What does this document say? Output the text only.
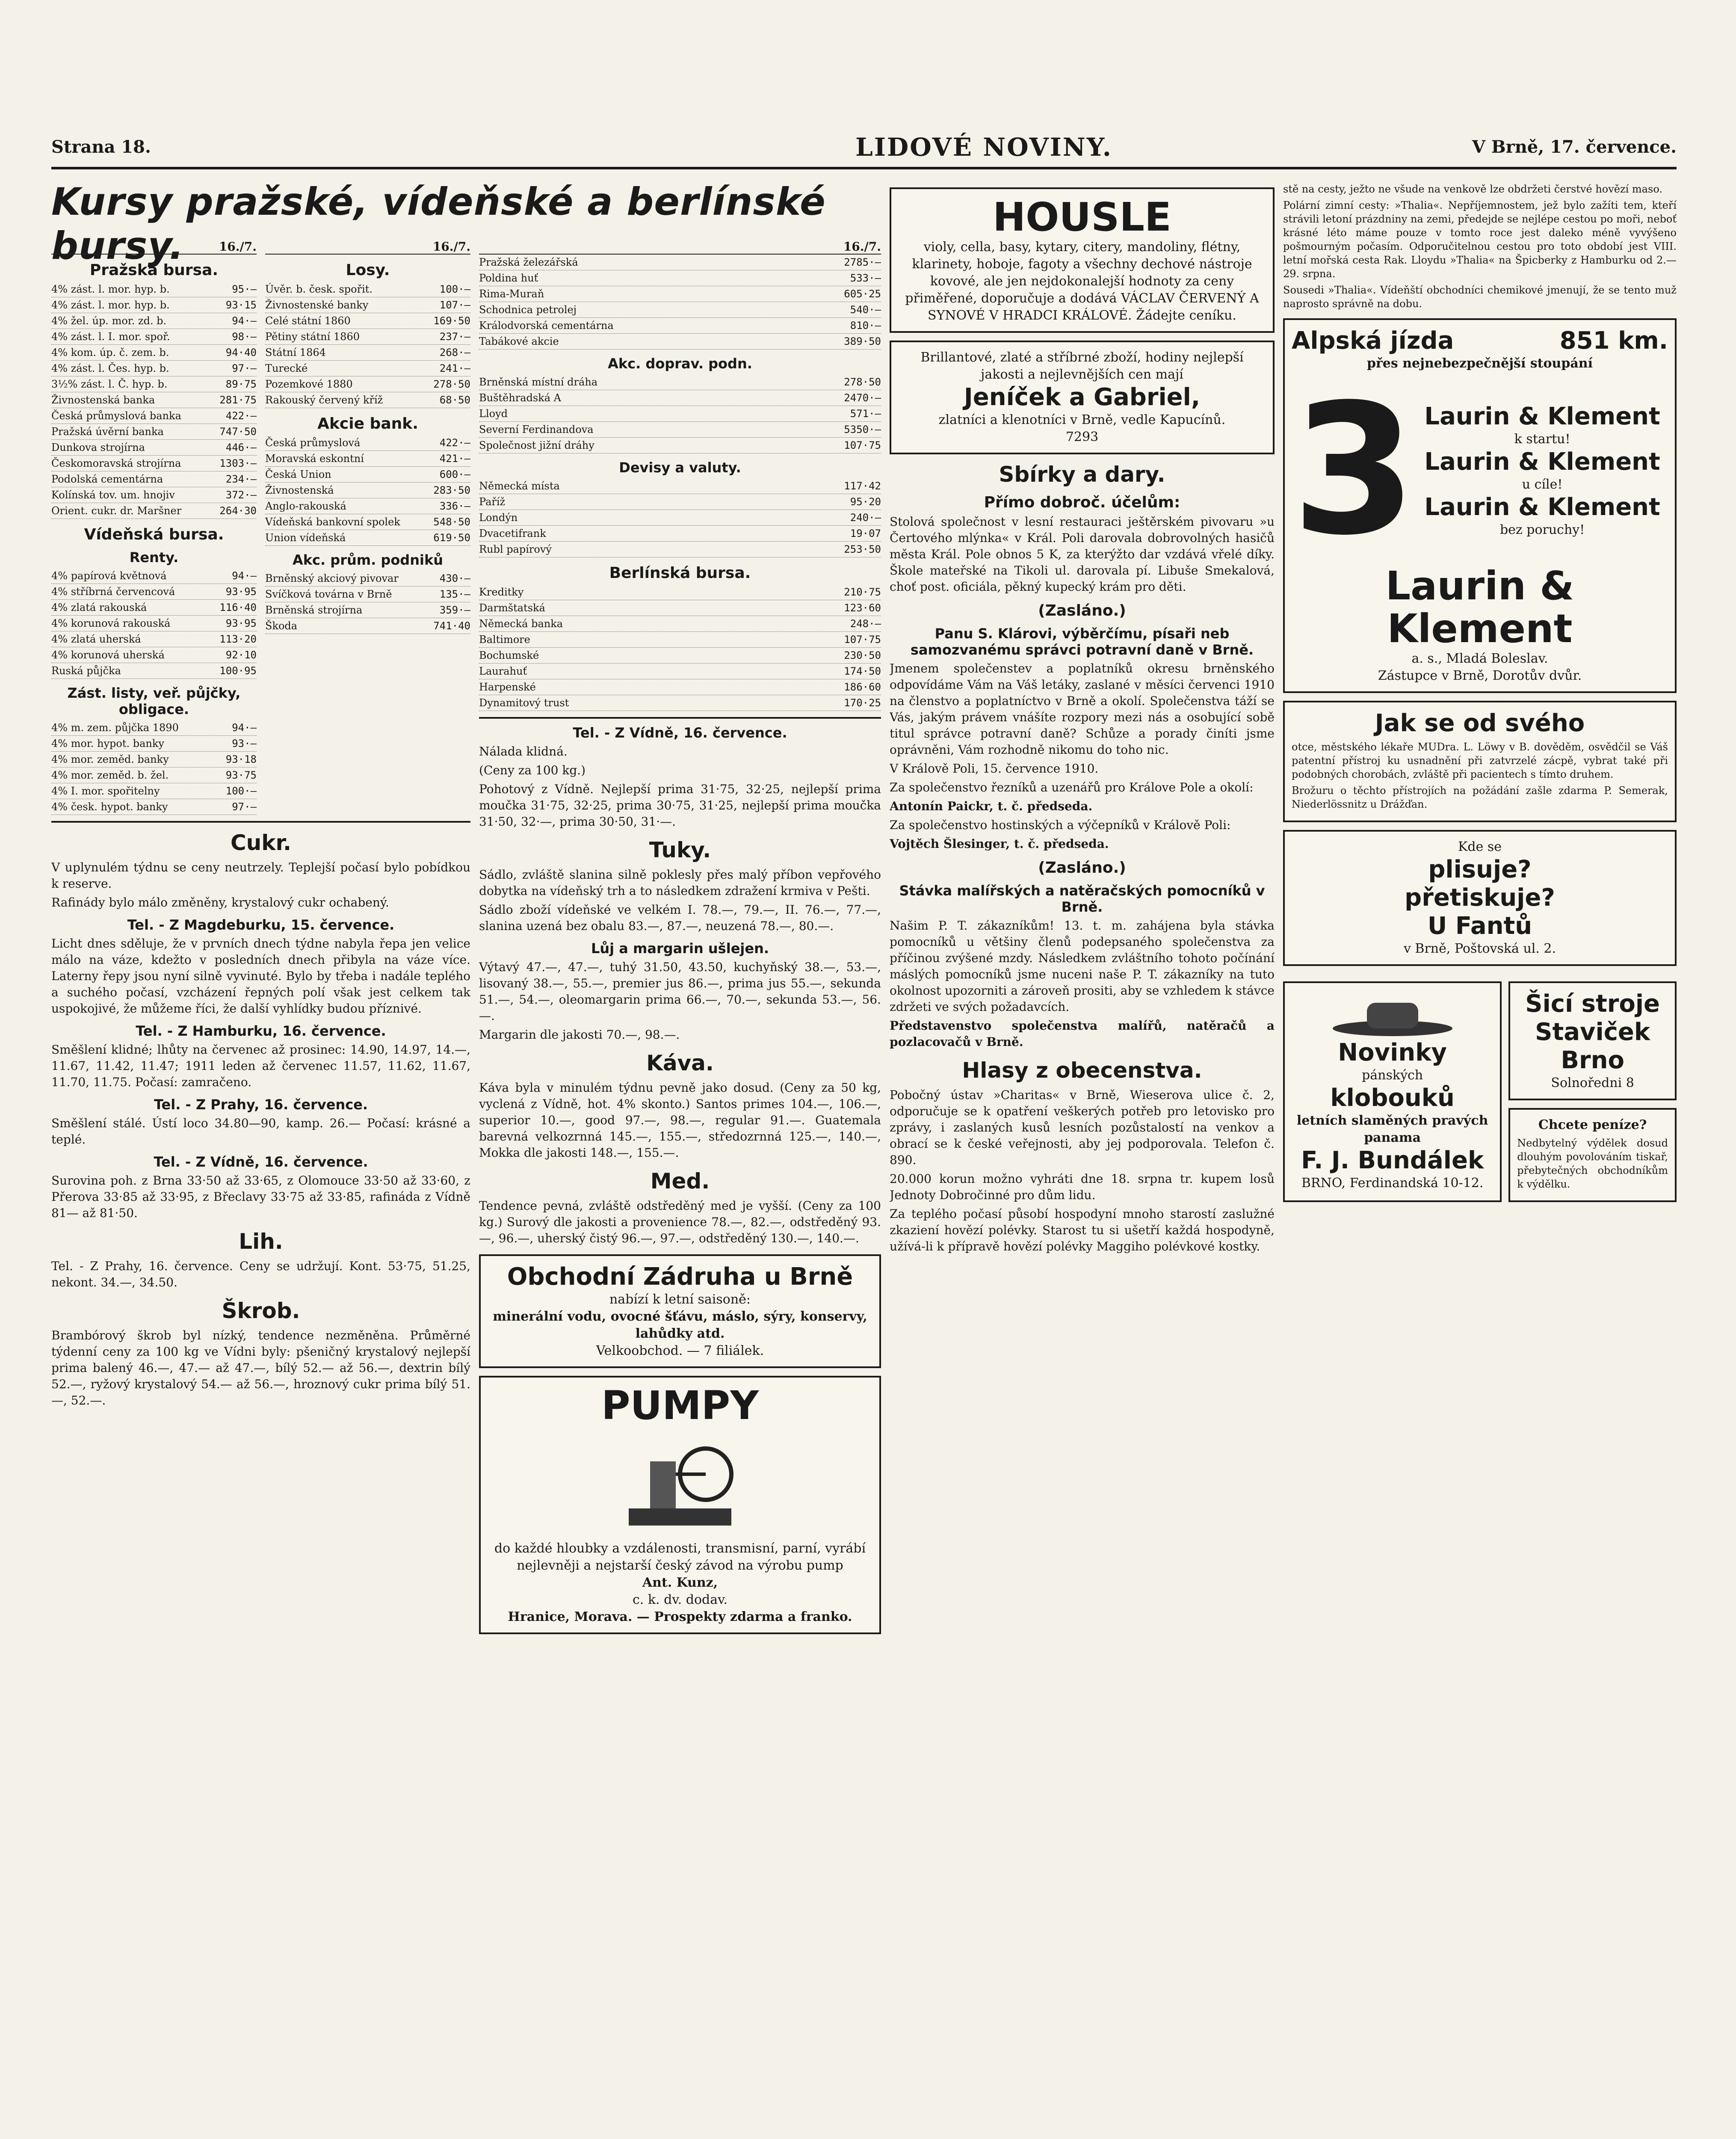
Strana 18.	LIDOVÉ NOVINY.	V Brně, 17. července.
Kursy pražské, vídeňské a berlínské bursy.	16./7.
Pražská bursa.
4% zást. l. mor. hyp. b.	95·—
4% zást. l. mor. hyp. b.	93·15
4% žel. úp. mor. zd. b.	94·—
4% zást. l. I. mor. spoř.	98·—
4% kom. úp. č. zem. b.	94·40
4% zást. l. Čes. hyp. b.	97·—
3½% zást. l. Č. hyp. b.	89·75
Živnostenská banka	281·75
Česká průmyslová banka	422·—
Pražská úvěrní banka	747·50
Dunkova strojírna	446·—
Českomoravská strojírna	1303·—
Podolská cementárna	234·—
Kolínská tov. um. hnojiv	372·—
Orient. cukr. dr. Maršner	264·30
Vídeňská bursa.
Renty.
4% papírová květnová	94·—
4% stříbrná červencová	93·95
4% zlatá rakouská	116·40
4% korunová rakouská	93·95
4% zlatá uherská	113·20
4% korunová uherská	92·10
Ruská půjčka	100·95
Zást. listy, veř. půjčky, obligace.
4% m. zem. půjčka 1890	94·—
4% mor. hypot. banky	93·—
4% mor. zeměd. banky	93·18
4% mor. zeměd. b. žel.	93·75
4% I. mor. spořitelny	100·—
4% česk. hypot. banky	97·—
16./7.
Losy.
Úvěr. b. česk. spořit.	100·—
Živnostenské banky	107·—
Celé státní 1860	169·50
Pětiny státní 1860	237·—
Státní 1864	268·—
Turecké	241·—
Pozemkové 1880	278·50
Rakouský červený kříž	68·50
Akcie bank.
Česká průmyslová	422·—
Moravská eskontní	421·—
Česká Union	600·—
Živnostenská	283·50
Anglo-rakouská	336·—
Vídeňská bankovní spolek	548·50
Union vídeňská	619·50
Akc. prům. podniků
Brněnský akciový pivovar	430·—
Svíčková továrna v Brně	135·—
Brněnská strojírna	359·—
Škoda	741·40
Cukr.

V uplynulém týdnu se ceny neutrzely. Teplejší počasí bylo pobídkou k reserve.

Rafinády bylo málo změněny, krystalový cukr ochabený.

Tel. - Z Magdeburku, 15. července.

Licht dnes sděluje, že v prvních dnech týdne nabyla řepa jen velice málo na váze, kdežto v posledních dnech přibyla na váze více. Laterny řepy jsou nyní silně vyvinuté. Bylo by třeba i nadále teplého a suchého počasí, vzcházení řepných polí však jest celkem tak uspokojivé, že můžeme říci, že další vyhlídky budou příznivé.

Tel. - Z Hamburku, 16. července.

Směšlení klidné; lhůty na červenec až prosinec: 14.90, 14.97, 14.—, 11.67, 11.42, 11.47; 1911 leden až červenec 11.57, 11.62, 11.67, 11.70, 11.75. Počasí: zamračeno.

Tel. - Z Prahy, 16. července.

Směšlení stálé. Ústí loco 34.80—90, kamp. 26.— Počasí: krásné a teplé.

Tel. - Z Vídně, 16. července.

Surovina poh. z Brna 33·50 až 33·65, z Olomouce 33·50 až 33·60, z Přerova 33·85 až 33·95, z Břeclavy 33·75 až 33·85, rafináda z Vídně 81— až 81·50.

Lih.

Tel. - Z Prahy, 16. července. Ceny se udržují. Kont. 53·75, 51.25, nekont. 34.—, 34.50.

Škrob.

Brambórový škrob byl nízký, tendence nezměněna. Průměrné týdenní ceny za 100 kg ve Vídni byly: pšeničný krystalový nejlepší prima balený 46.—, 47.— až 47.—, bílý 52.— až 56.—, dextrin bílý 52.—, ryžový krystalový 54.— až 56.—, hroznový cukr prima bílý 51.—, 52.—.

16./7.
Pražská železářská	2785·—
Poldina huť	533·—
Rima-Muraň	605·25
Schodnica petrolej	540·—
Králodvorská cementárna	810·—
Tabákové akcie	389·50
Akc. doprav. podn.
Brněnská místní dráha	278·50
Buštěhradská A	2470·—
Lloyd	571·—
Severní Ferdinandova	5350·—
Společnost jižní dráhy	107·75
Devisy a valuty.
Německá místa	117·42
Paříž	95·20
Londýn	240·—
Dvacetifrank	19·07
Rubl papírový	253·50
Berlínská bursa.
Kreditky	210·75
Darmštatská	123·60
Německá banka	248·—
Baltimore	107·75
Bochumské	230·50
Laurahuť	174·50
Harpenské	186·60
Dynamitový trust	170·25
Tel. - Z Vídně, 16. července.

Nálada klidná.

(Ceny za 100 kg.)

Pohotový z Vídně. Nejlepší prima 31·75, 32·25, nejlepší prima moučka 31·75, 32·25, prima 30·75, 31·25, nejlepší prima moučka 31·50, 32·—, prima 30·50, 31·—.

Tuky.

Sádlo, zvláště slanina silně poklesly přes malý příbon vepřového dobytka na vídeňský trh a to následkem zdražení krmiva v Pešti.

Sádlo zboží vídeňské ve velkém I. 78.—, 79.—, II. 76.—, 77.—, slanina uzená bez obalu 83.—, 87.—, neuzená 78.—, 80.—.

Lůj a margarin ušlejen.

Výtavý 47.—, 47.—, tuhý 31.50, 43.50, kuchyňský 38.—, 53.—, lisovaný 38.—, 55.—, premier jus 86.—, prima jus 55.—, sekunda 51.—, 54.—, oleomargarin prima 66.—, 70.—, sekunda 53.—, 56.—.

Margarin dle jakosti 70.—, 98.—.

Káva.

Káva byla v minulém týdnu pevně jako dosud. (Ceny za 50 kg, vyclená z Vídně, hot. 4% skonto.) Santos primes 104.—, 106.—, superior 10.—, good 97.—, 98.—, regular 91.—. Guatemala barevná velkozrnná 145.—, 155.—, středozrnná 125.—, 140.—, Mokka dle jakosti 148.—, 155.—.

Med.

Tendence pevná, zvláště odstředěný med je vyšší. (Ceny za 100 kg.) Surový dle jakosti a provenience 78.—, 82.—, odstředěný 93.—, 96.—, uherský čistý 96.—, 97.—, odstředěný 130.—, 140.—.

Obchodní Zádruha u Brně
nabízí k letní saisoně:
minerální vodu, ovocné šťávu, máslo, sýry, konservy, lahůdky atd.
Velkoobchod. — 7 filiálek.
PUMPY
do každé hloubky a vzdálenosti, transmisní, parní, vyrábí nejlevněji a nejstarší český závod na výrobu pump
Ant. Kunz,
c. k. dv. dodav.
Hranice, Morava. — Prospekty zdarma a franko.
HOUSLE
violy, cella, basy, kytary, citery, mandoliny, flétny, klarinety, hoboje, fagoty a všechny dechové nástroje kovové, ale jen nejdokonalejší hodnoty za ceny přiměřené, doporučuje a dodává VÁCLAV ČERVENÝ A SYNOVÉ V HRADCI KRÁLOVÉ. Žádejte ceníku.
Brillantové, zlaté a stříbrné zboží, hodiny nejlepší jakosti a nejlevnějších cen mají
Jeníček a Gabriel,
zlatníci a klenotníci v Brně, vedle Kapucínů.
7293
Sbírky a dary.
Přímo dobroč. účelům:

Stolová společnost v lesní restauraci ještěrském pivovaru »u Čertového mlýnka« v Král. Poli darovala dobrovolných hasičů města Král. Pole obnos 5 K, za kterýžto dar vzdává vřelé díky. Škole mateřské na Tikoli ul. darovala pí. Libuše Smekalová, choť post. oficiála, pěkný kupecký krám pro děti.

(Zasláno.)
Panu S. Klárovi, výběrčímu, písaři neb samozvanému správci potravní daně v Brně.

Jmenem společenstev a poplatníků okresu brněnského odpovídáme Vám na Váš letáky, zaslané v měsíci červenci 1910 na členstvo a poplatníctvo v Brně a okolí. Společenstva táží se Vás, jakým právem vnášíte rozpory mezi nás a osobující sobě titul správce potravní daně? Schůze a porady činíti jsme oprávněni, Vám rozhodně nikomu do toho nic.

V Králově Poli, 15. července 1910.

Za společenstvo řezníků a uzenářů pro Králove Pole a okolí:

Antonín Paickr, t. č. předseda.

Za společenstvo hostinských a výčepníků v Králově Poli:

Vojtěch Šlesinger, t. č. předseda.

(Zasláno.)
Stávka malířských a natěračských pomocníků v Brně.

Našim P. T. zákazníkům! 13. t. m. zahájena byla stávka pomocníků u většiny členů podepsaného společenstva za příčinou zvýšené mzdy. Následkem zvláštního tohoto počínání máslých pomocníků jsme nuceni naše P. T. zákazníky na tuto okolnost upozorniti a zároveň prositi, aby se vzhledem k stávce zdržeti ve svých požadavcích.

Představenstvo společenstva malířů, natěračů a pozlacovačů v Brně.

Hlasy z obecenstva.

Pobočný ústav »Charitas« v Brně, Wieserova ulice č. 2, odporučuje se k opatření veškerých potřeb pro letovisko pro zprávy, i zaslaných kusů lesních pozůstalostí na venkov a obrací se k české veřejnosti, aby jej podporovala. Telefon č. 890.

20.000 korun možno vyhráti dne 18. srpna tr. kupem losů Jednoty Dobročinné pro dům lidu.

Za teplého počasí působí hospodyní mnoho starostí zaslužné zkaziení hovězí polévky. Starost tu si ušetří každá hospodyně, užívá-li k přípravě hovězí polévky Maggiho polévkové kostky.

stě na cesty, ježto ne všude na venkově lze obdržeti čerstvé hovězí maso.

Polární zimní cesty: »Thalia«. Nepříjemnostem, jež bylo zažíti tem, kteří strávili letoní prázdniny na zemi, předejde se nejlépe cestou po moři, neboť krásné léto máme pouze v tomto roce jest daleko méně vyvýšeno pošmourným počasím. Odporučitelnou cestou pro toto období jest VIII. letní mořská cesta Rak. Lloydu »Thalia« na Špicberky z Hamburku od 2.—29. srpna.

Sousedi »Thalia«. Vídeňští obchodníci chemikové jmenují, že se tento muž naprosto správně na dobu.

Alpská jízda	851 km.
přes nejnebezpečnější stoupání
3 Laurin & Klement
k startu!
Laurin & Klement
u cíle!
Laurin & Klement
bez poruchy!
Laurin & Klement
a. s., Mladá Boleslav.
Zástupce v Brně, Dorotův dvůr.
Jak se od svého

otce, městského lékaře MUDra. L. Löwy v B. dověděm, osvědčil se Váš patentní přístroj ku usnadnění při zatvrzelé zácpě, vybrat také při podobných chorobách, zvláště při pacientech s tímto druhem.

Brožuru o těchto přístrojích na požádání zašle zdarma P. Semerak, Niederlössnitz u Drážďan.

Kde se
plisuje?
přetiskuje?
U Fantů
v Brně, Poštovská ul. 2.
Novinky
pánských
klobouků
letních slaměných pravých panama
F. J. Bundálek
BRNO, Ferdinandská 10-12.
Šicí stroje
Staviček
Brno
Solnoředni 8
Chcete peníze?

Nedbytelný výdělek dosud dlouhým povolováním tiskař, přebytečných obchodníkům k výdělku.
